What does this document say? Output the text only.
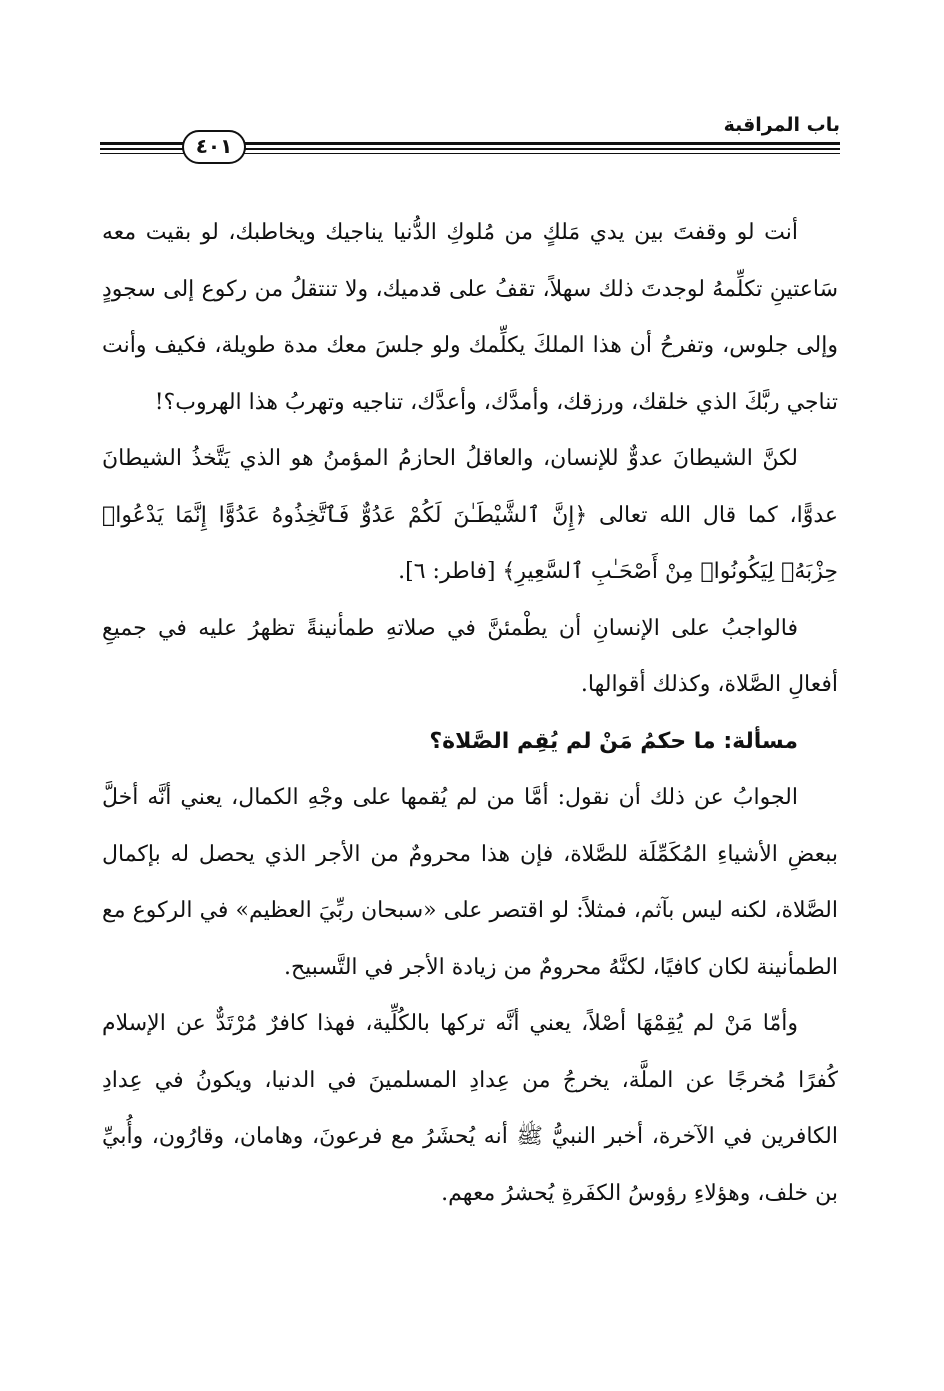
باب المراقبة
٤٠١

أنت لو وقفتَ بين يدي مَلكٍ من مُلوكِ الدُّنيا يناجيك ويخاطبك، لو بقيت معه سَاعتينِ تكلِّمهُ لوجدتَ ذلك سهلاً، تقفُ على قدميك، ولا تنتقلُ من ركوع إلى سجودٍ وإلى جلوس، وتفرحُ أن هذا الملكَ يكلِّمك ولو جلسَ معك مدة طويلة، فكيف وأنت تناجي ربَّكَ الذي خلقك، ورزقك، وأمدَّك، وأعدَّك، تناجيه وتهربُ هذا الهروب؟!

لكنَّ الشيطانَ عدوٌّ للإنسان، والعاقلُ الحازمُ المؤمنُ هو الذي يَتَّخذُ الشيطانَ عدوًّا، كما قال الله تعالى ﴿إِنَّ ٱلشَّيْطَـٰنَ لَكُمْ عَدُوٌّ فَٱتَّخِذُوهُ عَدُوًّا إِنَّمَا يَدْعُوا۟ حِزْبَهُۥ لِيَكُونُوا۟ مِنْ أَصْحَـٰبِ ٱلسَّعِيرِ﴾ [فاطر: ٦].

فالواجبُ على الإنسانِ أن يطْمئنَّ في صلاتهِ طمأنينةً تظهرُ عليه في جميعِ أفعالِ الصَّلاة، وكذلك أقوالها.

مسألة: ما حكمُ مَنْ لم يُقِم الصَّلاة؟

الجوابُ عن ذلك أن نقول: أمَّا من لم يُقمها على وجْهِ الكمال، يعني أنَّه أخلَّ ببعضِ الأشياءِ المُكَمِّلَة للصَّلاة، فإن هذا محرومٌ من الأجر الذي يحصل له بإكمال الصَّلاة، لكنه ليس بآثم، فمثلاً: لو اقتصر على «سبحان ربِّيَ العظيم» في الركوع مع الطمأنينة لكان كافيًا، لكنَّهُ محرومٌ من زيادة الأجر في التَّسبيح.

وأمّا مَنْ لم يُقِمْهَا أصْلاً، يعني أنَّه تركها بالكُلِّية، فهذا كافرٌ مُرْتَدٌّ عن الإسلام كُفرًا مُخرجًا عن الملَّة، يخرجُ من عِدادِ المسلمينَ في الدنيا، ويكونُ في عِدادِ الكافرين في الآخرة، أخبر النبيُّ ﷺ أنه يُحشَرُ مع فرعونَ، وهامان، وقارُون، وأُبيِّ بن خلف، وهؤلاءِ رؤوسُ الكفَرةِ يُحشرُ معهم.
